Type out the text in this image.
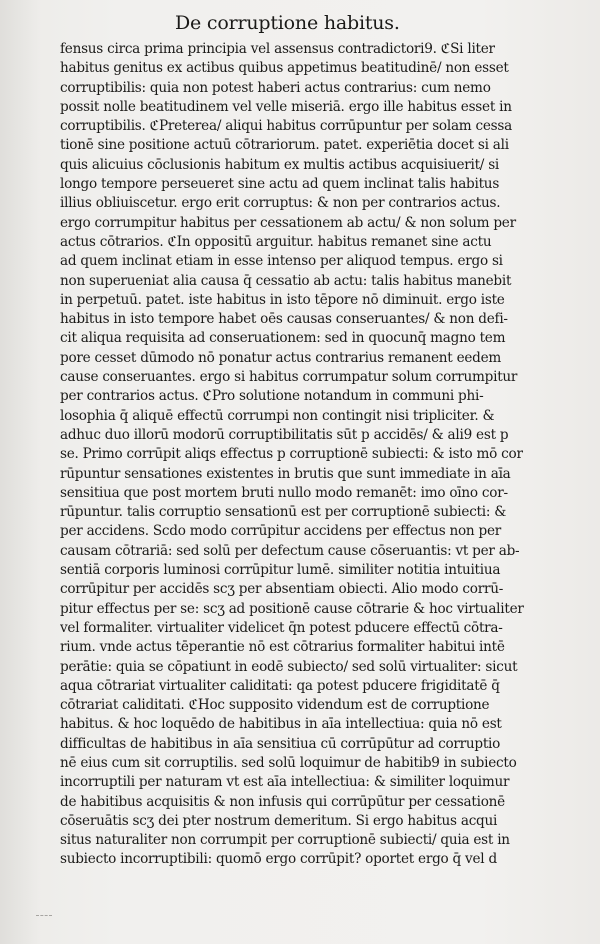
De corruptione habitus.
fensus circa prima principia vel assensus contradictori9. ℭSi liter
habitus genitus ex actibus quibus appetimus beatitudinē/ non esset
corruptibilis: quia non potest haberi actus contrarius: cum nemo
possit nolle beatitudinem vel velle miseriā. ergo ille habitus esset in
corruptibilis. ℭPreterea/ aliqui habitus corrūpuntur per solam cessa
tionē sine positione actuū cōtrariorum. patet. experiētia docet si ali
quis alicuius cōclusionis habitum ex multis actibus acquisiuerit/ si
longo tempore perseueret sine actu ad quem inclinat talis habitus
illius obliuiscetur. ergo erit corruptus: & non per contrarios actus.
ergo corrumpitur habitus per cessationem ab actu/ & non solum per
actus cōtrarios. ℭIn oppositū arguitur. habitus remanet sine actu
ad quem inclinat etiam in esse intenso per aliquod tempus. ergo si
non superueniat alia causa q̄ cessatio ab actu: talis habitus manebit
in perpetuū. patet. iste habitus in isto tēpore nō diminuit. ergo iste
habitus in isto tempore habet oēs causas conseruantes/ & non defi-
cit aliqua requisita ad conseruationem: sed in quocunq̄ magno tem
pore cesset dūmodo nō ponatur actus contrarius remanent eedem
cause conseruantes. ergo si habitus corrumpatur solum corrumpitur
per contrarios actus. ℭPro solutione notandum in communi phi-
losophia q̄ aliquē effectū corrumpi non contingit nisi tripliciter. &
adhuc duo illorū modorū corruptibilitatis sūt p accidēs/ & ali9 est p
se. Primo corrūpit aliqs effectus p corruptionē subiecti: & isto mō cor
rūpuntur sensationes existentes in brutis que sunt immediate in aīa
sensitiua que post mortem bruti nullo modo remanēt: imo oīno cor-
rūpuntur. talis corruptio sensationū est per corruptionē subiecti: &
per accidens. Scdo modo corrūpitur accidens per effectus non per
causam cōtrariā: sed solū per defectum cause cōseruantis: vt per ab-
sentiā corporis luminosi corrūpitur lumē. similiter notitia intuitiua
corrūpitur per accidēs scʒ per absentiam obiecti. Alio modo corrū-
pitur effectus per se: scʒ ad positionē cause cōtrarie & hoc virtualiter
vel formaliter. virtualiter videlicet q̄n potest pducere effectū cōtra-
rium. vnde actus tēperantie nō est cōtrarius formaliter habitui intē
perātie: quia se cōpatiunt in eodē subiecto/ sed solū virtualiter: sicut
aqua cōtrariat virtualiter caliditati: qa potest pducere frigiditatē q̄
cōtrariat caliditati. ℭHoc supposito videndum est de corruptione
habitus. & hoc loquēdo de habitibus in aīa intellectiua: quia nō est
difficultas de habitibus in aīa sensitiua cū corrūpūtur ad corruptio
nē eius cum sit corruptilis. sed solū loquimur de habitib9 in subiecto
incorruptili per naturam vt est aīa intellectiua: & similiter loquimur
de habitibus acquisitis & non infusis qui corrūpūtur per cessationē
cōseruātis scʒ dei pter nostrum demeritum. Si ergo habitus acqui
situs naturaliter non corrumpit per corruptionē subiecti/ quia est in
subiecto incorruptibili: quomō ergo corrūpit? oportet ergo q̄ vel d
